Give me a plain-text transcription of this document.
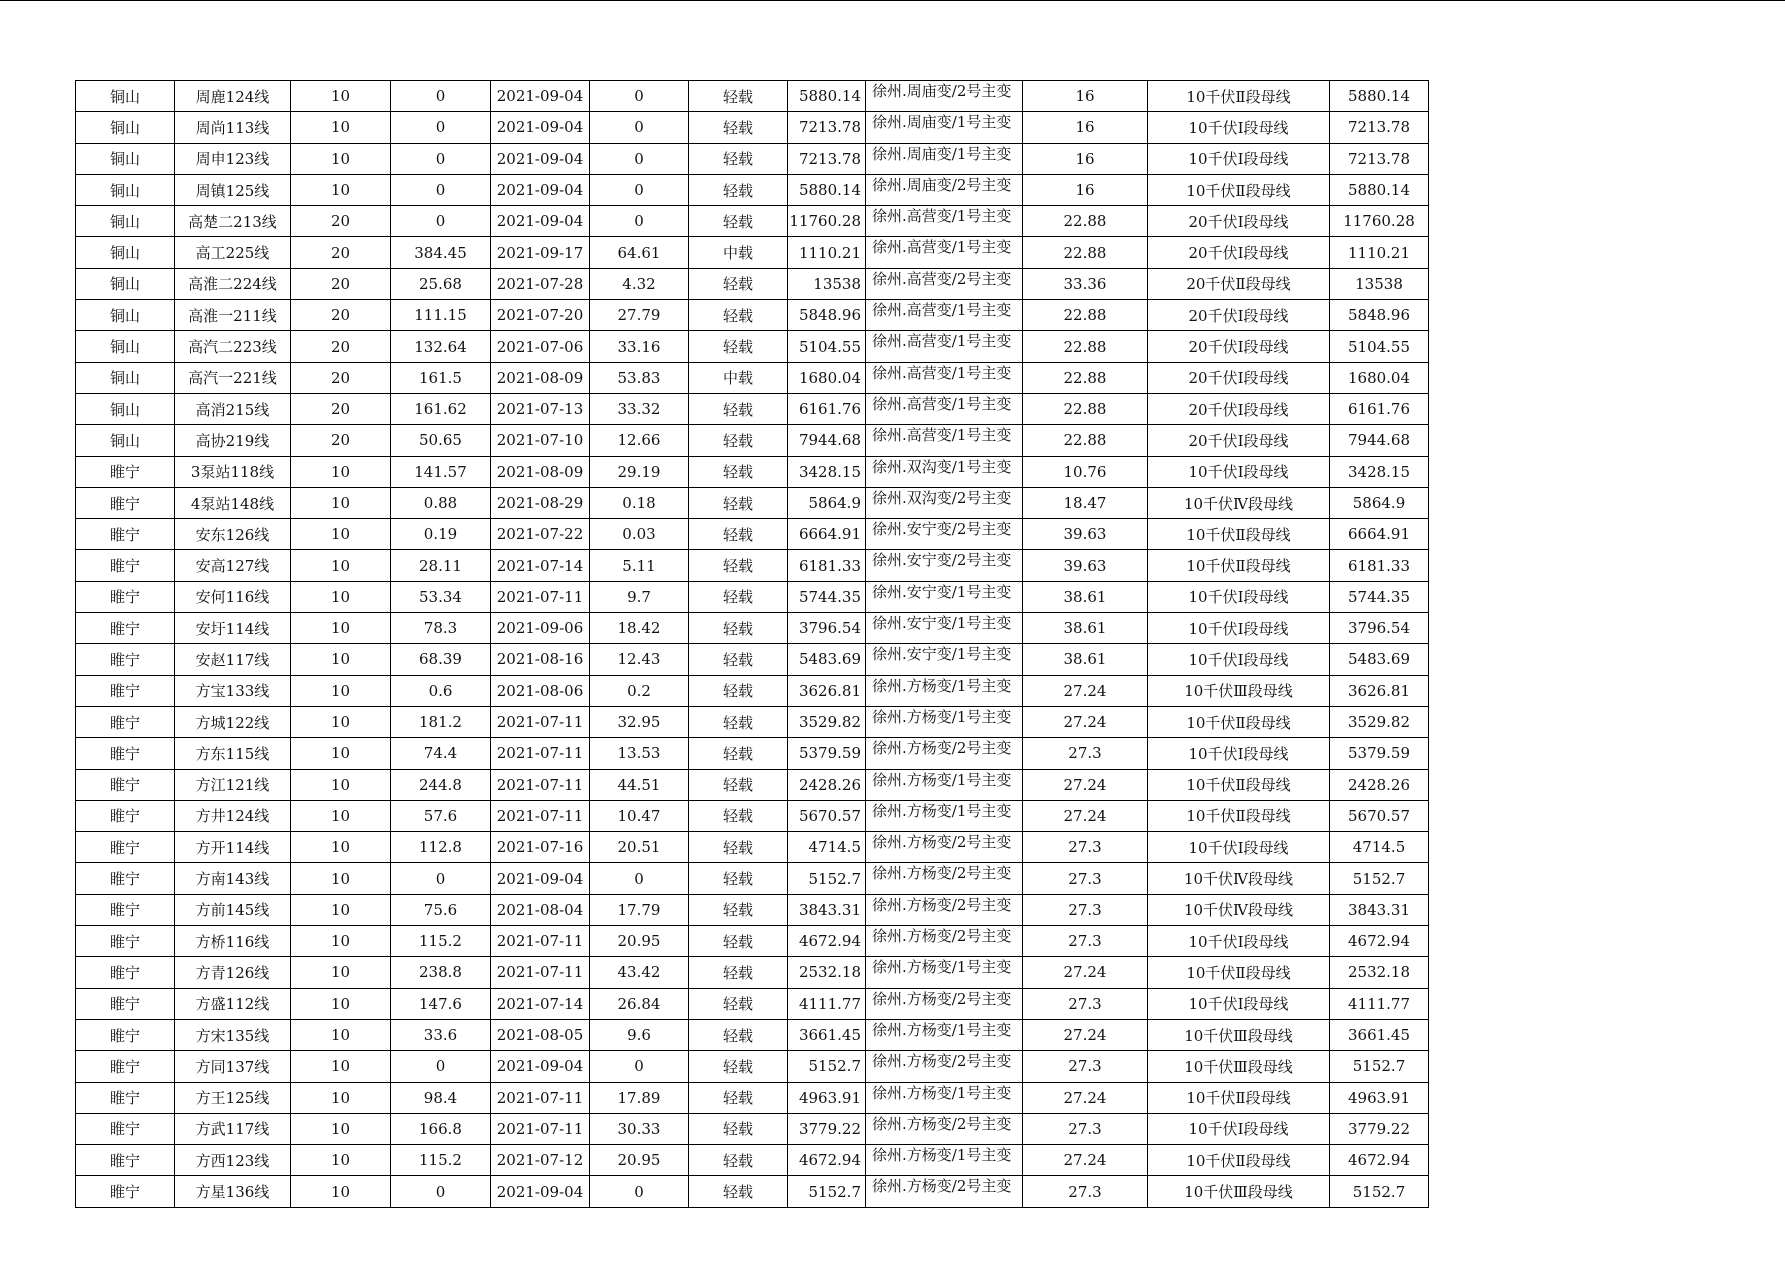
铜山	周鹿124线	10	0	2021-09-04	0	轻载	5880.14	徐州.周庙变/2号主变	16	10千伏Ⅱ段母线	5880.14
铜山	周尚113线	10	0	2021-09-04	0	轻载	7213.78	徐州.周庙变/1号主变	16	10千伏Ⅰ段母线	7213.78
铜山	周申123线	10	0	2021-09-04	0	轻载	7213.78	徐州.周庙变/1号主变	16	10千伏Ⅰ段母线	7213.78
铜山	周镇125线	10	0	2021-09-04	0	轻载	5880.14	徐州.周庙变/2号主变	16	10千伏Ⅱ段母线	5880.14
铜山	高楚二213线	20	0	2021-09-04	0	轻载	11760.28	徐州.高营变/1号主变	22.88	20千伏Ⅰ段母线	11760.28
铜山	高工225线	20	384.45	2021-09-17	64.61	中载	1110.21	徐州.高营变/1号主变	22.88	20千伏Ⅰ段母线	1110.21
铜山	高淮二224线	20	25.68	2021-07-28	4.32	轻载	13538	徐州.高营变/2号主变	33.36	20千伏Ⅱ段母线	13538
铜山	高淮一211线	20	111.15	2021-07-20	27.79	轻载	5848.96	徐州.高营变/1号主变	22.88	20千伏Ⅰ段母线	5848.96
铜山	高汽二223线	20	132.64	2021-07-06	33.16	轻载	5104.55	徐州.高营变/1号主变	22.88	20千伏Ⅰ段母线	5104.55
铜山	高汽一221线	20	161.5	2021-08-09	53.83	中载	1680.04	徐州.高营变/1号主变	22.88	20千伏Ⅰ段母线	1680.04
铜山	高消215线	20	161.62	2021-07-13	33.32	轻载	6161.76	徐州.高营变/1号主变	22.88	20千伏Ⅰ段母线	6161.76
铜山	高协219线	20	50.65	2021-07-10	12.66	轻载	7944.68	徐州.高营变/1号主变	22.88	20千伏Ⅰ段母线	7944.68
睢宁	3泵站118线	10	141.57	2021-08-09	29.19	轻载	3428.15	徐州.双沟变/1号主变	10.76	10千伏Ⅰ段母线	3428.15
睢宁	4泵站148线	10	0.88	2021-08-29	0.18	轻载	5864.9	徐州.双沟变/2号主变	18.47	10千伏Ⅳ段母线	5864.9
睢宁	安东126线	10	0.19	2021-07-22	0.03	轻载	6664.91	徐州.安宁变/2号主变	39.63	10千伏Ⅱ段母线	6664.91
睢宁	安高127线	10	28.11	2021-07-14	5.11	轻载	6181.33	徐州.安宁变/2号主变	39.63	10千伏Ⅱ段母线	6181.33
睢宁	安何116线	10	53.34	2021-07-11	9.7	轻载	5744.35	徐州.安宁变/1号主变	38.61	10千伏Ⅰ段母线	5744.35
睢宁	安圩114线	10	78.3	2021-09-06	18.42	轻载	3796.54	徐州.安宁变/1号主变	38.61	10千伏Ⅰ段母线	3796.54
睢宁	安赵117线	10	68.39	2021-08-16	12.43	轻载	5483.69	徐州.安宁变/1号主变	38.61	10千伏Ⅰ段母线	5483.69
睢宁	方宝133线	10	0.6	2021-08-06	0.2	轻载	3626.81	徐州.方杨变/1号主变	27.24	10千伏Ⅲ段母线	3626.81
睢宁	方城122线	10	181.2	2021-07-11	32.95	轻载	3529.82	徐州.方杨变/1号主变	27.24	10千伏Ⅱ段母线	3529.82
睢宁	方东115线	10	74.4	2021-07-11	13.53	轻载	5379.59	徐州.方杨变/2号主变	27.3	10千伏Ⅰ段母线	5379.59
睢宁	方江121线	10	244.8	2021-07-11	44.51	轻载	2428.26	徐州.方杨变/1号主变	27.24	10千伏Ⅱ段母线	2428.26
睢宁	方井124线	10	57.6	2021-07-11	10.47	轻载	5670.57	徐州.方杨变/1号主变	27.24	10千伏Ⅱ段母线	5670.57
睢宁	方开114线	10	112.8	2021-07-16	20.51	轻载	4714.5	徐州.方杨变/2号主变	27.3	10千伏Ⅰ段母线	4714.5
睢宁	方南143线	10	0	2021-09-04	0	轻载	5152.7	徐州.方杨变/2号主变	27.3	10千伏Ⅳ段母线	5152.7
睢宁	方前145线	10	75.6	2021-08-04	17.79	轻载	3843.31	徐州.方杨变/2号主变	27.3	10千伏Ⅳ段母线	3843.31
睢宁	方桥116线	10	115.2	2021-07-11	20.95	轻载	4672.94	徐州.方杨变/2号主变	27.3	10千伏Ⅰ段母线	4672.94
睢宁	方青126线	10	238.8	2021-07-11	43.42	轻载	2532.18	徐州.方杨变/1号主变	27.24	10千伏Ⅱ段母线	2532.18
睢宁	方盛112线	10	147.6	2021-07-14	26.84	轻载	4111.77	徐州.方杨变/2号主变	27.3	10千伏Ⅰ段母线	4111.77
睢宁	方宋135线	10	33.6	2021-08-05	9.6	轻载	3661.45	徐州.方杨变/1号主变	27.24	10千伏Ⅲ段母线	3661.45
睢宁	方同137线	10	0	2021-09-04	0	轻载	5152.7	徐州.方杨变/2号主变	27.3	10千伏Ⅲ段母线	5152.7
睢宁	方王125线	10	98.4	2021-07-11	17.89	轻载	4963.91	徐州.方杨变/1号主变	27.24	10千伏Ⅱ段母线	4963.91
睢宁	方武117线	10	166.8	2021-07-11	30.33	轻载	3779.22	徐州.方杨变/2号主变	27.3	10千伏Ⅰ段母线	3779.22
睢宁	方西123线	10	115.2	2021-07-12	20.95	轻载	4672.94	徐州.方杨变/1号主变	27.24	10千伏Ⅱ段母线	4672.94
睢宁	方星136线	10	0	2021-09-04	0	轻载	5152.7	徐州.方杨变/2号主变	27.3	10千伏Ⅲ段母线	5152.7
